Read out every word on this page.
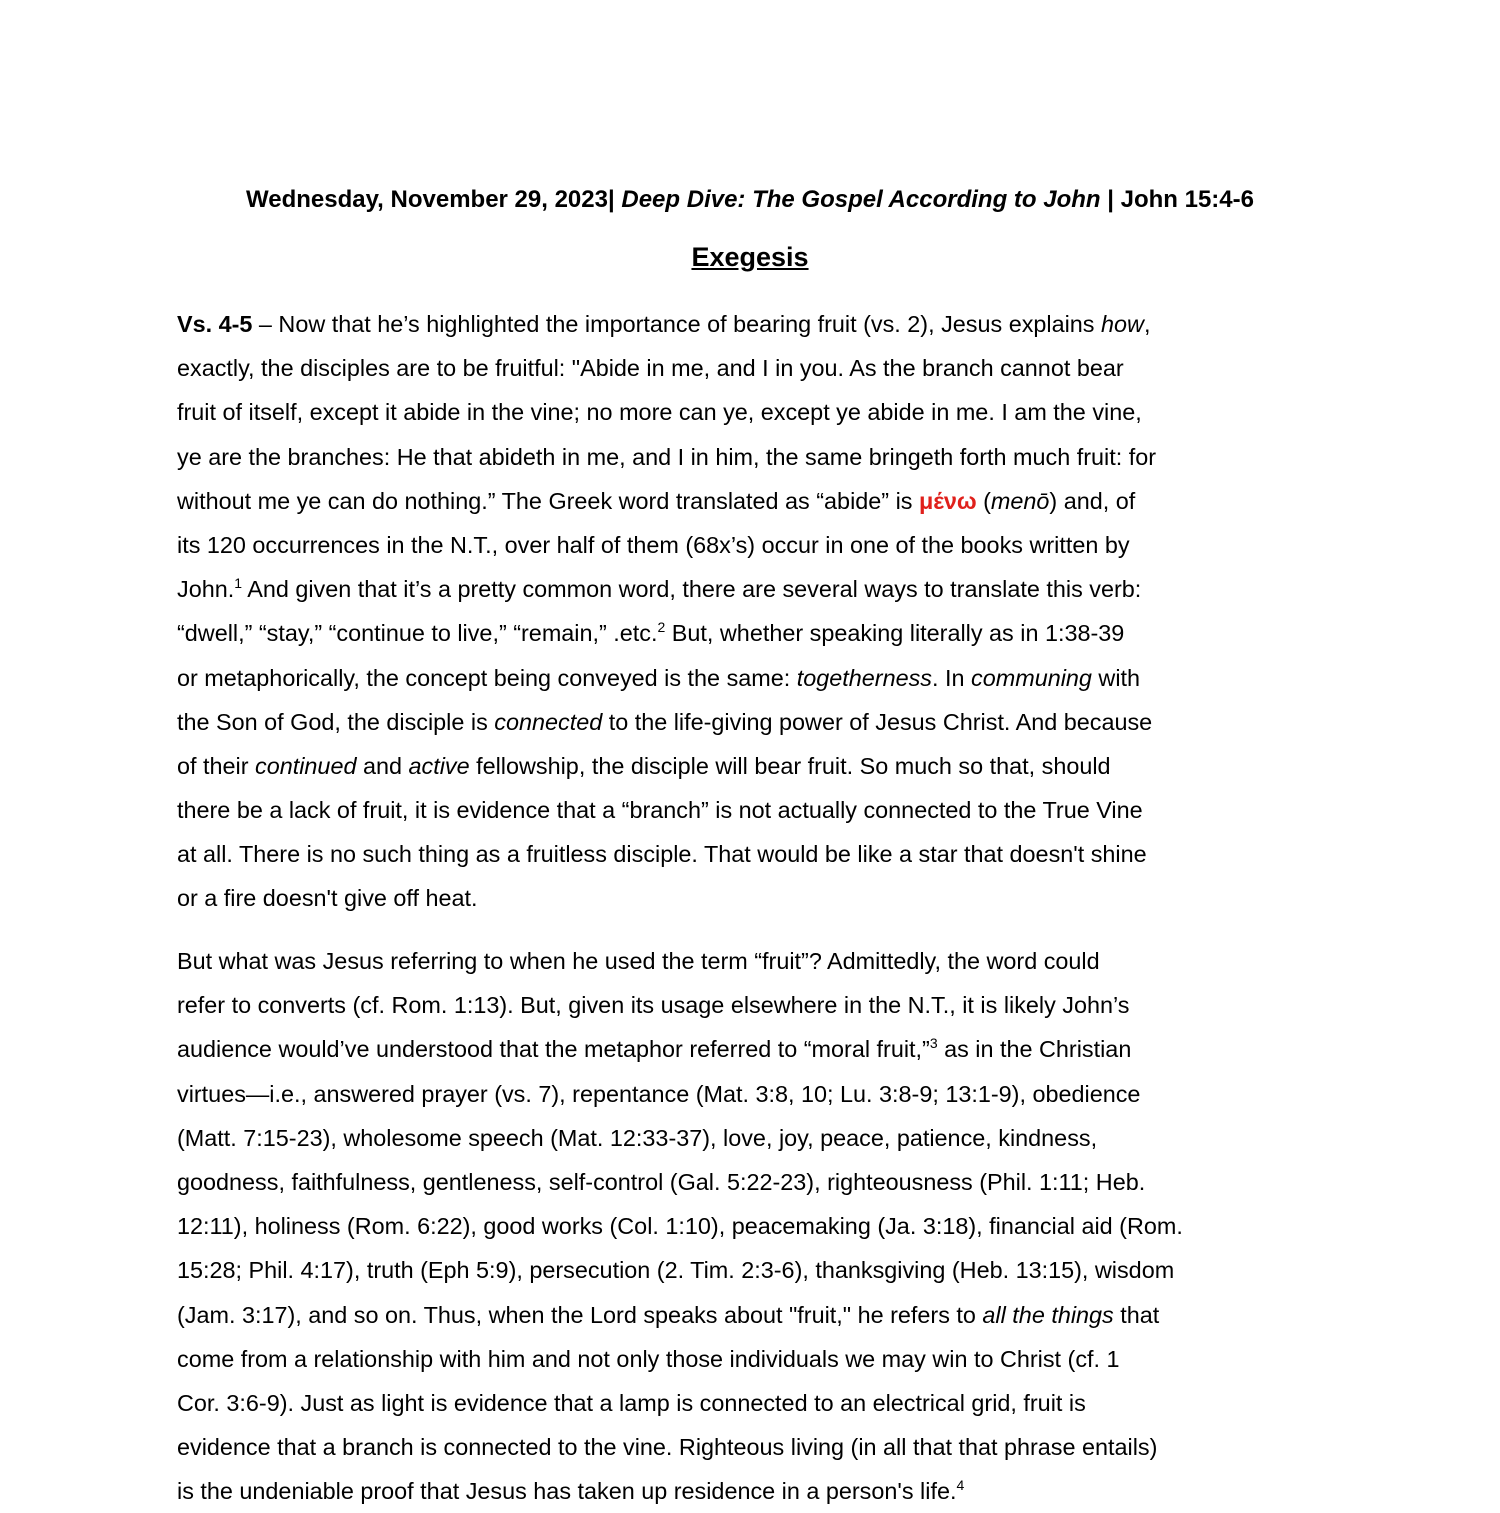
Wednesday, November 29, 2023| Deep Dive: The Gospel According to John | John 15:4-6
Exegesis
Vs. 4-5 – Now that he’s highlighted the importance of bearing fruit (vs. 2), Jesus explains how,
exactly, the disciples are to be fruitful: "Abide in me, and I in you. As the branch cannot bear
fruit of itself, except it abide in the vine; no more can ye, except ye abide in me. I am the vine,
ye are the branches: He that abideth in me, and I in him, the same bringeth forth much fruit: for
without me ye can do nothing.” The Greek word translated as “abide” is μένω (menō) and, of
its 120 occurrences in the N.T., over half of them (68x’s) occur in one of the books written by
John.$^1$ And given that it’s a pretty common word, there are several ways to translate this verb:
“dwell,” “stay,” “continue to live,” “remain,” .etc.$^2$ But, whether speaking literally as in 1:38-39
or metaphorically, the concept being conveyed is the same: togetherness. In communing with
the Son of God, the disciple is connected to the life-giving power of Jesus Christ. And because
of their continued and active fellowship, the disciple will bear fruit. So much so that, should
there be a lack of fruit, it is evidence that a “branch” is not actually connected to the True Vine
at all. There is no such thing as a fruitless disciple. That would be like a star that doesn't shine
or a fire doesn't give off heat.
But what was Jesus referring to when he used the term “fruit”? Admittedly, the word could
refer to converts (cf. Rom. 1:13). But, given its usage elsewhere in the N.T., it is likely John’s
audience would’ve understood that the metaphor referred to “moral fruit,”$^3$ as in the Christian
virtues—i.e., answered prayer (vs. 7), repentance (Mat. 3:8, 10; Lu. 3:8-9; 13:1-9), obedience
(Matt. 7:15-23), wholesome speech (Mat. 12:33-37), love, joy, peace, patience, kindness,
goodness, faithfulness, gentleness, self-control (Gal. 5:22-23), righteousness (Phil. 1:11; Heb.
12:11), holiness (Rom. 6:22), good works (Col. 1:10), peacemaking (Ja. 3:18), financial aid (Rom.
15:28; Phil. 4:17), truth (Eph 5:9), persecution (2. Tim. 2:3-6), thanksgiving (Heb. 13:15), wisdom
(Jam. 3:17), and so on. Thus, when the Lord speaks about "fruit," he refers to all the things that
come from a relationship with him and not only those individuals we may win to Christ (cf. 1
Cor. 3:6-9). Just as light is evidence that a lamp is connected to an electrical grid, fruit is
evidence that a branch is connected to the vine. Righteous living (in all that that phrase entails)
is the undeniable proof that Jesus has taken up residence in a person's life.$^4$
